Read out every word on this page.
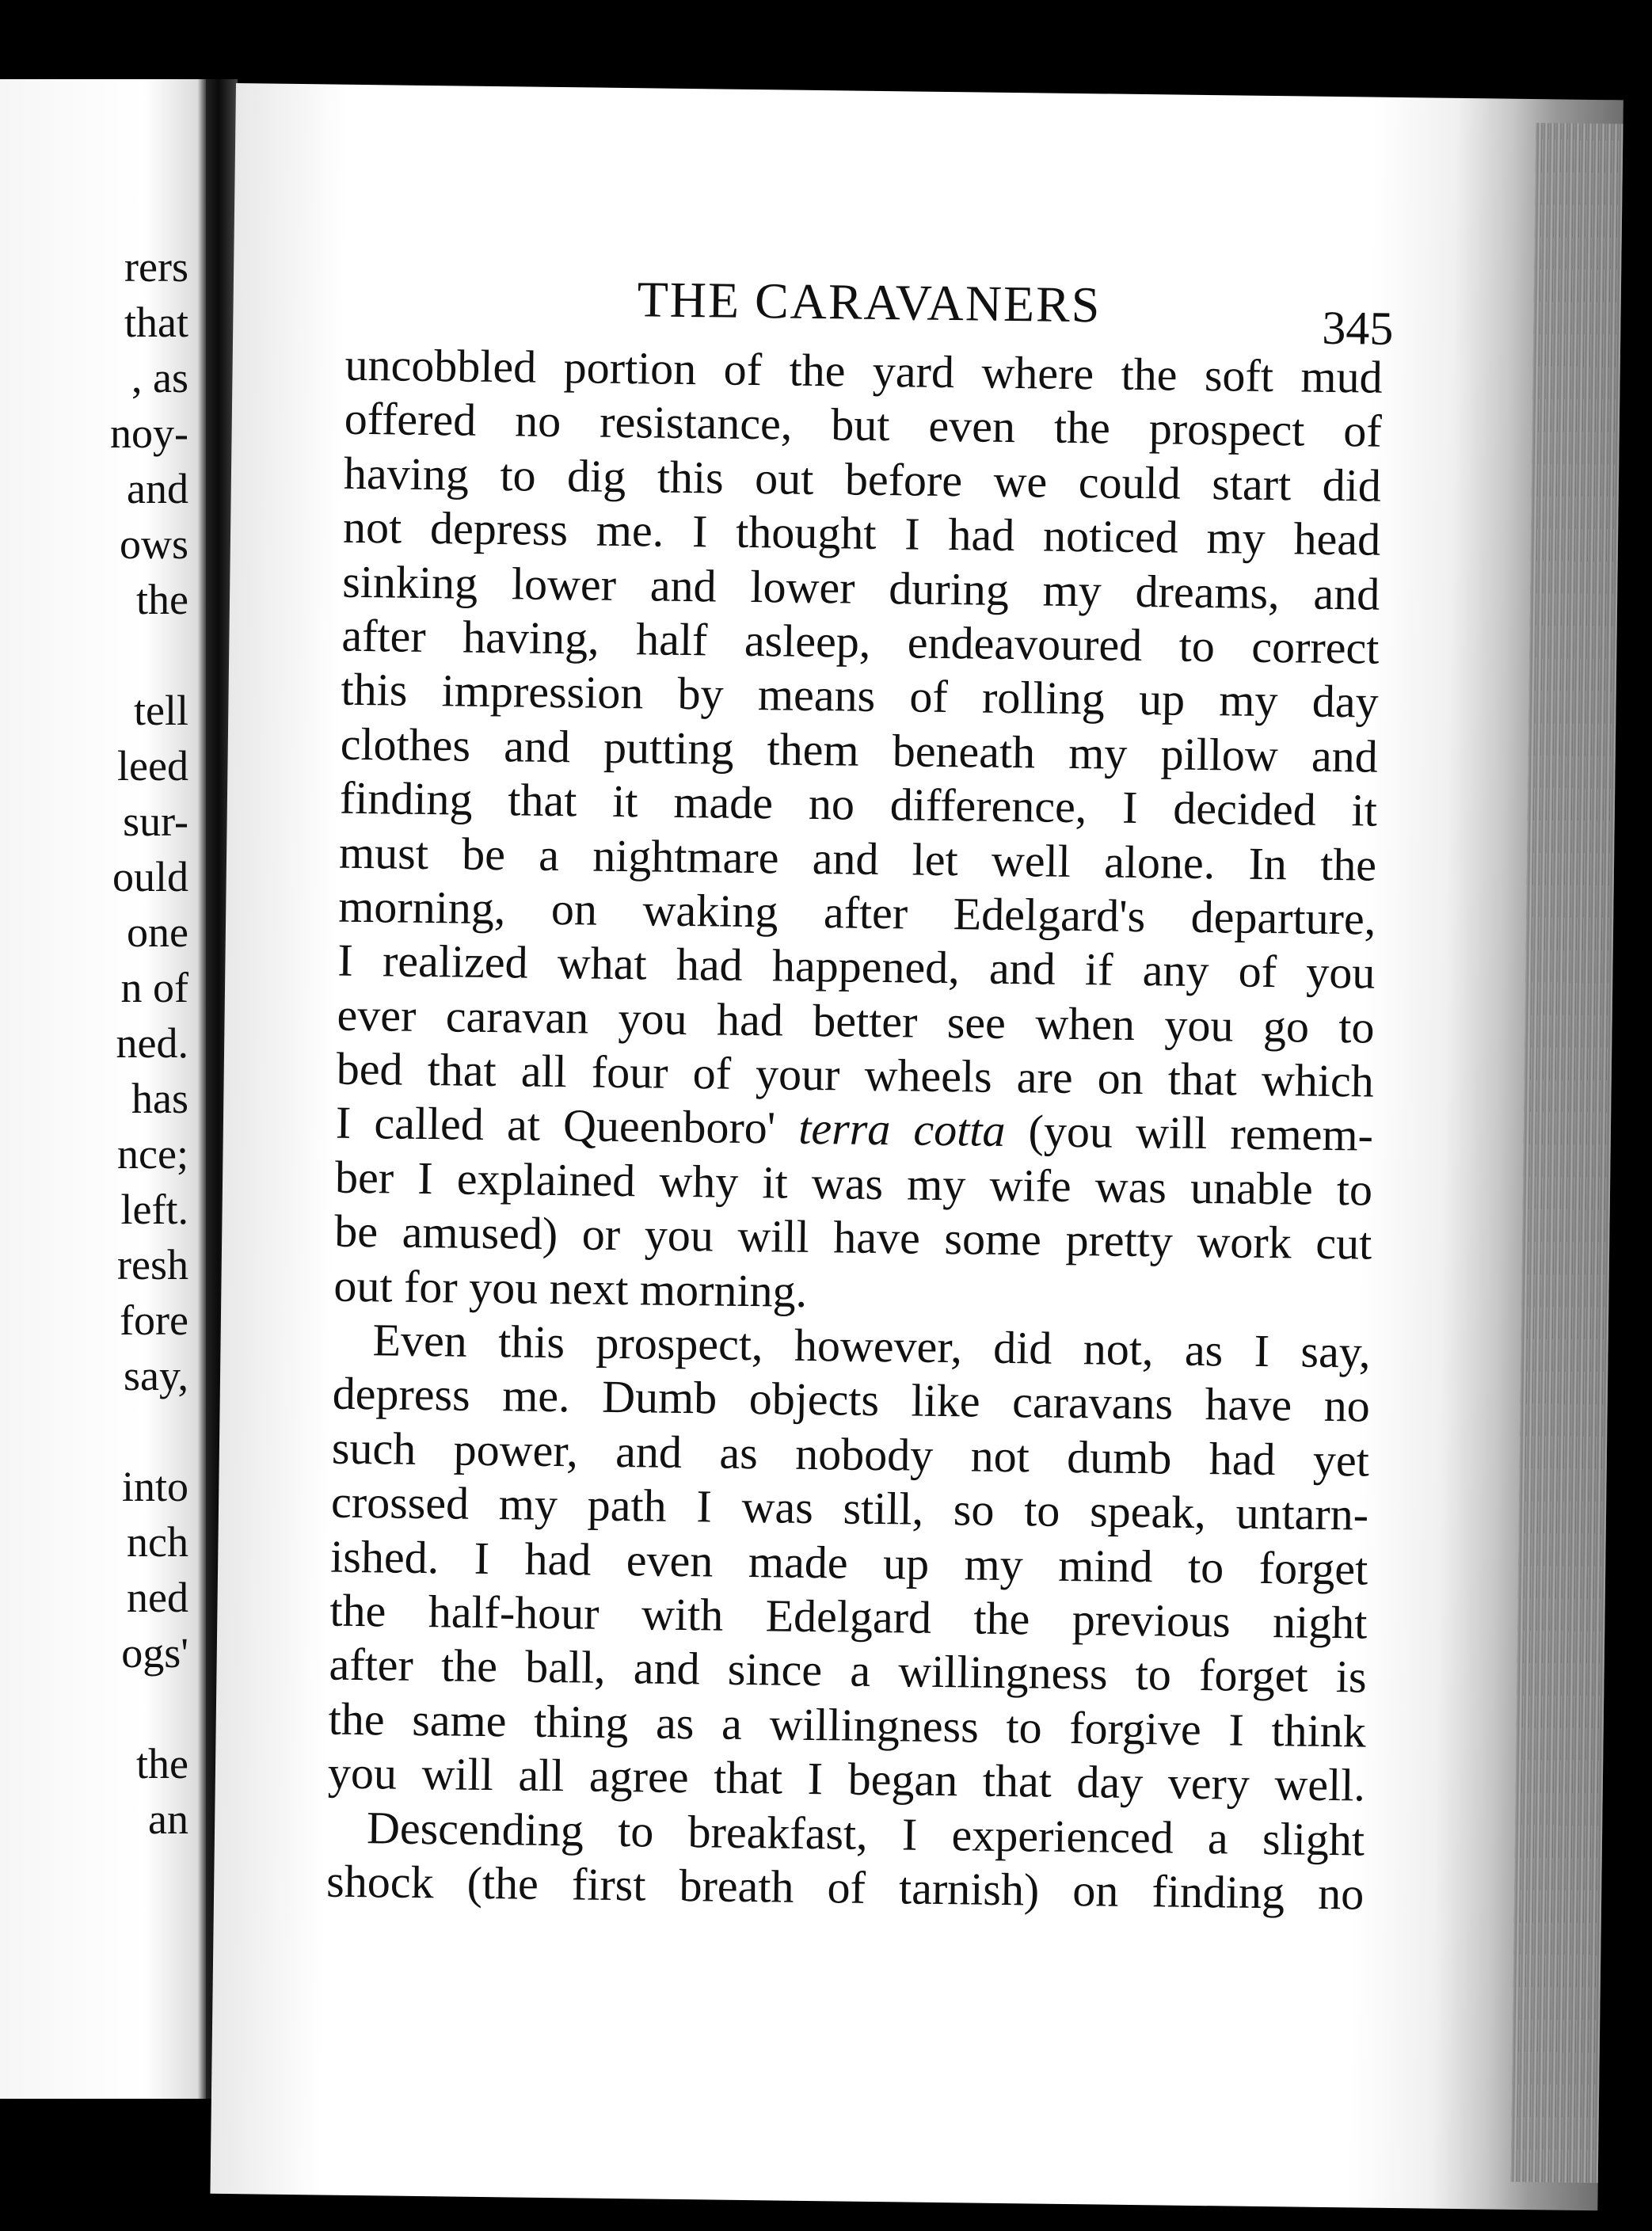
rers
that
, as
noy-
and
ows
the
tell
leed
sur-
ould
one
n of
ned.
has
nce;
left.
resh
fore
say,
into
nch
ned
ogs'
the
an
THE CARAVANERS	345
uncobbled portion of the yard where the soft mud
offered no resistance, but even the prospect of
having to dig this out before we could start did
not depress me. I thought I had noticed my head
sinking lower and lower during my dreams, and
after having, half asleep, endeavoured to correct
this impression by means of rolling up my day
clothes and putting them beneath my pillow and
finding that it made no difference, I decided it
must be a nightmare and let well alone. In the
morning, on waking after Edelgard's departure,
I realized what had happened, and if any of you
ever caravan you had better see when you go to
bed that all four of your wheels are on that which
I called at Queenboro' terra cotta (you will remem-
ber I explained why it was my wife was unable to
be amused) or you will have some pretty work cut
out for you next morning.
Even this prospect, however, did not, as I say,
depress me. Dumb objects like caravans have no
such power, and as nobody not dumb had yet
crossed my path I was still, so to speak, untarn-
ished. I had even made up my mind to forget
the half-hour with Edelgard the previous night
after the ball, and since a willingness to forget is
the same thing as a willingness to forgive I think
you will all agree that I began that day very well.
Descending to breakfast, I experienced a slight
shock (the first breath of tarnish) on finding no
